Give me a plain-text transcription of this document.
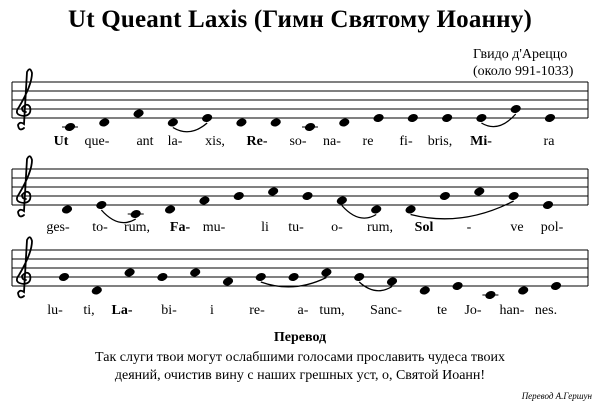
Ut Queant Laxis (Гимн Святому Иоанну)
Гвидо д'Ареццо
(около 991-1033)
Ut que- ant la- xis, Re- so- na- re fi- bris, Mi-	ra
ges- to- rum, Fa- mu-	li tu- o- rum, Sol -	ve pol-
lu- ti, La- bi- i	re- a- tum, Sanc-	te Jo- han- nes.
Перевод
Так слуги твои могут ослабшими голосами прославить чудеса твоих
деяний, очистив вину с наших грешных уст, о, Святой Иоанн!
Перевод А.Гершун
